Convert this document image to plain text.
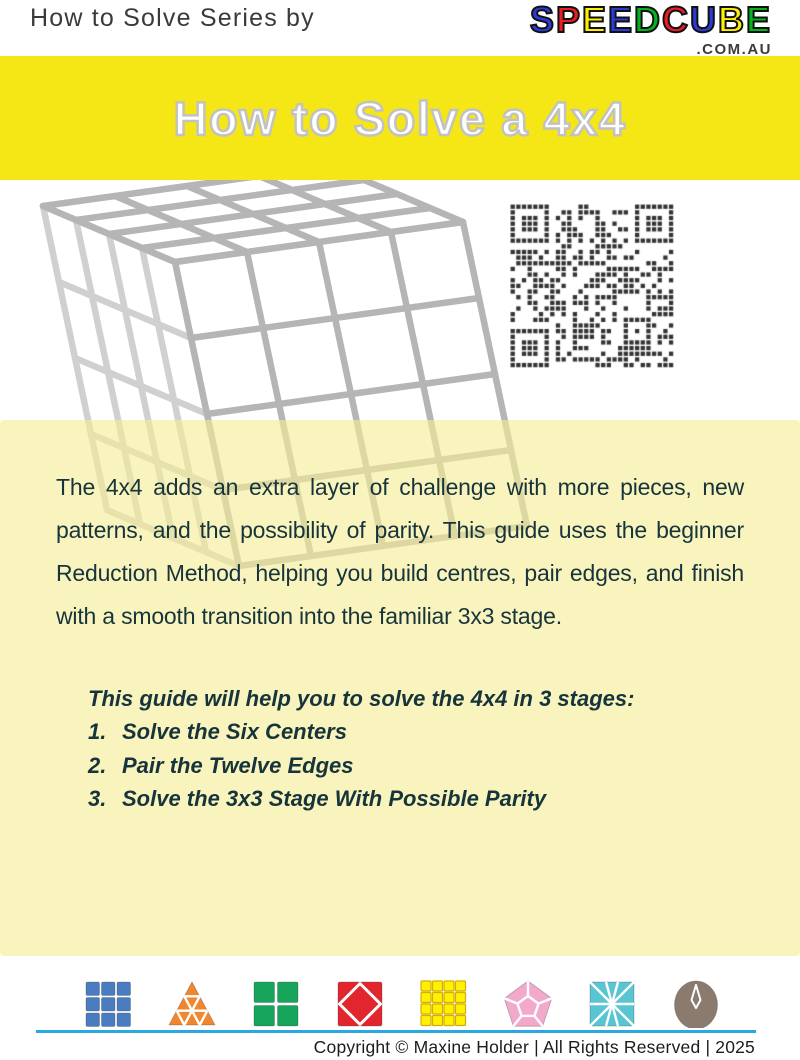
How to Solve Series by	SPEEDCUBE
.COM.AU
How to Solve a 4x4

The 4x4 adds an extra layer of challenge with more pieces, new patterns, and the possibility of parity. This guide uses the beginner Reduction Method, helping you build centres, pair edges, and finish with a smooth transition into the familiar 3x3 stage.

This guide will help you to solve the 4x4 in 3 stages:
1. Solve the Six Centers
2. Pair the Twelve Edges
3. Solve the 3x3 Stage With Possible Parity
Copyright © Maxine Holder | All Rights Reserved | 2025
